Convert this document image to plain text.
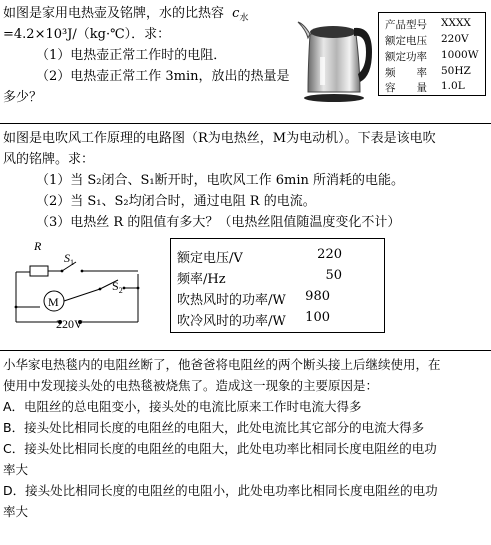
如图是家用电热壶及铭牌，水的比热容 $c_水$
=4.2×10³J/（kg·℃）．求：
（1）电热壶正常工作时的电阻．
（2）电热壶正常工作 3min，放出的热量是
多少？
产品型号 XXXX
额定电压 220V
额定功率 1000W
频　　率 50HZ
容　　量 1.0L
如图是电吹风工作原理的电路图（R为电热丝，M为电动机）。下表是该电吹
风的铭牌。求：
（1）当 S₂闭合、S₁断开时，电吹风工作 6min 所消耗的电能。
（2）当 S₁、S₂均闭合时，通过电阻 R 的电流。
（3）电热丝 R 的阻值有多大？（电热丝阻值随温度变化不计）
R
$S_1$
$S_2$
M
220V
额定电压/V	220
频率/Hz	50
吹热风时的功率/W 980
吹冷风时的功率/W 100
小华家电热毯内的电阻丝断了，他爸爸将电阻丝的两个断头接上后继续使用，在
使用中发现接头处的电热毯被烧焦了。造成这一现象的主要原因是：
A．电阻丝的总电阻变小，接头处的电流比原来工作时电流大得多
B．接头处比相同长度的电阻丝的电阻大，此处电流比其它部分的电流大得多
C．接头处比相同长度的电阻丝的电阻大，此处电功率比相同长度电阻丝的电功
率大
D．接头处比相同长度的电阻丝的电阻小，此处电功率比相同长度电阻丝的电功
率大
